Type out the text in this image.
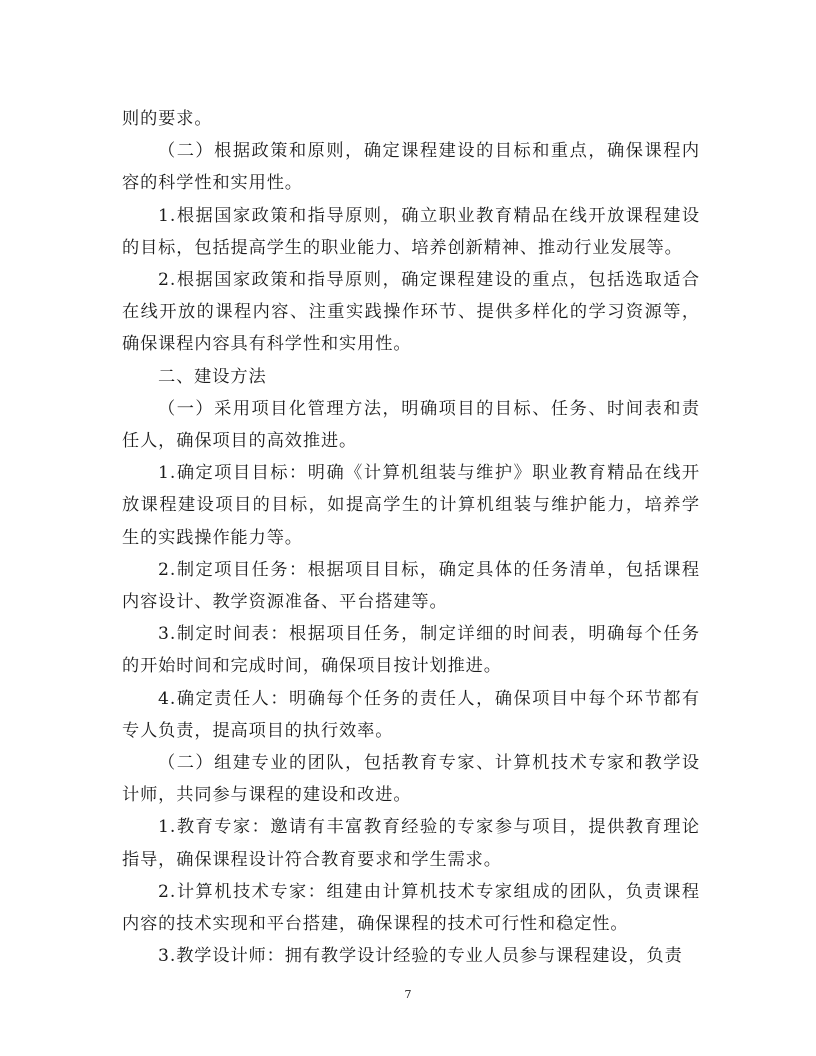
则的要求。

（二）根据政策和原则，确定课程建设的目标和重点，确保课程内容的科学性和实用性。

1.根据国家政策和指导原则，确立职业教育精品在线开放课程建设的目标，包括提高学生的职业能力、培养创新精神、推动行业发展等。

2.根据国家政策和指导原则，确定课程建设的重点，包括选取适合在线开放的课程内容、注重实践操作环节、提供多样化的学习资源等，确保课程内容具有科学性和实用性。

二、建设方法

（一）采用项目化管理方法，明确项目的目标、任务、时间表和责任人，确保项目的高效推进。

1.确定项目目标：明确《计算机组装与维护》职业教育精品在线开放课程建设项目的目标，如提高学生的计算机组装与维护能力，培养学生的实践操作能力等。

2.制定项目任务：根据项目目标，确定具体的任务清单，包括课程内容设计、教学资源准备、平台搭建等。

3.制定时间表：根据项目任务，制定详细的时间表，明确每个任务的开始时间和完成时间，确保项目按计划推进。

4.确定责任人：明确每个任务的责任人，确保项目中每个环节都有专人负责，提高项目的执行效率。

（二）组建专业的团队，包括教育专家、计算机技术专家和教学设计师，共同参与课程的建设和改进。

1.教育专家：邀请有丰富教育经验的专家参与项目，提供教育理论指导，确保课程设计符合教育要求和学生需求。

2.计算机技术专家：组建由计算机技术专家组成的团队，负责课程内容的技术实现和平台搭建，确保课程的技术可行性和稳定性。

3.教学设计师：拥有教学设计经验的专业人员参与课程建设，负责

7
